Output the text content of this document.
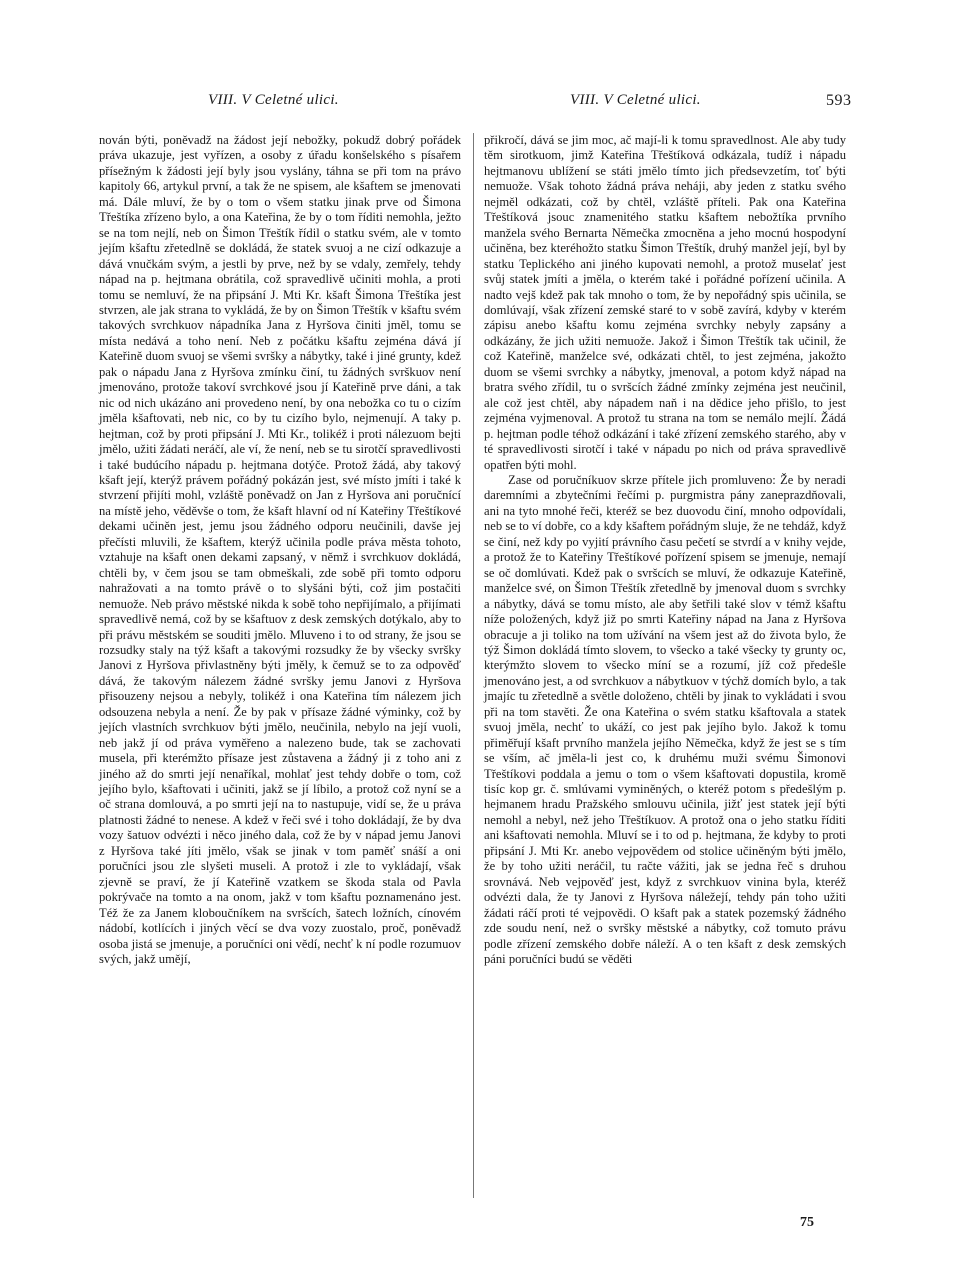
VIII. V Celetné ulici.	VIII. V Celetné ulici.	593

nován býti, poněvadž na žádost její nebožky, pokudž dobrý pořádek práva ukazuje, jest vyřízen, a osoby z úřadu konšelského s písařem přísežným k žádosti její byly jsou vyslány, táhna se při tom na právo kapitoly 66, artykul první, a tak že ne spisem, ale kšaftem se jmenovati má. Dále mluví, že by o tom o všem statku jinak prve od Šimona Třeštíka zřízeno bylo, a ona Kateřina, že by o tom říditi nemohla, ježto se na tom nejlí, neb on Šimon Třeštík řídil o statku svém, ale v tomto jejím kšaftu zřetedlně se dokládá, že statek svuoj a ne cizí odkazuje a dává vnučkám svým, a jestli by prve, než by se vdaly, zemřely, tehdy nápad na p. hejtmana obrátila, což spravedlivě učiniti mohla, a proti tomu se nemluví, že na připsání J. Mti Kr. kšaft Šimona Třeštíka jest stvrzen, ale jak strana to vykládá, že by on Šimon Třeštík v kšaftu svém takových svrchkuov nápadníka Jana z Hyršova činiti jměl, tomu se místa nedává a toho není. Neb z počátku kšaftu zejména dává jí Kateřině duom svuoj se všemi svršky a nábytky, také i jiné grunty, kdež pak o nápadu Jana z Hyršova zmínku činí, tu žádných svrškuov není jmenováno, protože takoví svrchkové jsou jí Kateřině prve dáni, a tak nic od nich ukázáno ani provedeno není, by ona nebožka co tu o cizím jměla kšaftovati, neb nic, co by tu cizího bylo, nejmenují. A taky p. hejtman, což by proti připsání J. Mti Kr., tolikéž i proti nálezuom bejti jmělo, užiti žádati neráčí, ale ví, že není, neb se tu sirotčí spravedlivosti i také budúcího nápadu p. hejtmana dotýče. Protož žádá, aby takový kšaft její, kterýž právem pořádný pokázán jest, své místo jmíti i také k stvrzení přijíti mohl, vzláště poněvadž on Jan z Hyršova ani poručnící na místě jeho, věděvše o tom, že kšaft hlavní od ní Kateřiny Třeštíkové dekami učiněn jest, jemu jsou žádného odporu neučinili, davše jej přečísti mluvili, že kšaftem, kterýž učinila podle práva města tohoto, vztahuje na kšaft onen dekami zapsaný, v němž i svrchkuov dokládá, chtěli by, v čem jsou se tam obmeškali, zde sobě při tomto odporu nahražovati a na tomto právě o to slyšáni býti, což jim postačiti nemuože. Neb právo městské nikda k sobě toho nepřijímalo, a přijímati spravedlivě nemá, což by se kšaftuov z desk zemských dotýkalo, aby to při právu městském se souditi jmělo. Mluveno i to od strany, že jsou se rozsudky staly na týž kšaft a takovými rozsudky že by všecky svršky Janovi z Hyršova přivlastněny býti jměly, k čemuž se to za odpověď dává, že takovým nálezem žádné svršky jemu Janovi z Hyršova přisouzeny nejsou a nebyly, tolikéž i ona Kateřina tím nálezem jich odsouzena nebyla a není. Že by pak v přísaze žádné výminky, což by jejích vlastních svrchkuov býti jmělo, neučinila, nebylo na její vuoli, neb jakž jí od práva vyměřeno a nalezeno bude, tak se zachovati musela, při kterémžto přísaze jest zůstavena a žádný ji z toho ani z jiného až do smrti její nenaříkal, mohlať jest tehdy dobře o tom, což jejího bylo, kšaftovati i učiniti, jakž se jí líbilo, a protož což nyní se a oč strana domlouvá, a po smrti její na to nastupuje, vidí se, že u práva platnosti žádné to nenese. A kdež v řeči své i toho dokládají, že by dva vozy šatuov odvézti i něco jiného dala, což že by v nápad jemu Janovi z Hyršova také jíti jmělo, však se jinak v tom paměť snáší a oni poručníci jsou zle slyšeti museli. A protož i zle to vykládají, však zjevně se praví, že jí Kateřině vzatkem se škoda stala od Pavla pokrývače na tomto a na onom, jakž v tom kšaftu poznamenáno jest. Též že za Janem kloboučníkem na svršcích, šatech ložních, cínovém nádobí, kotlících i jiných věcí se dva vozy zuostalo, proč, poněvadž osoba jistá se jmenuje, a poručníci oni vědí, nechť k ní podle rozumuov svých, jakž umějí,

přikročí, dává se jim moc, ač mají-li k tomu spravedlnost. Ale aby tudy těm sirotkuom, jimž Kateřina Třeštíková odkázala, tudíž i nápadu hejtmanovu ublížení se státi jmělo tímto jich předsevzetím, toť býti nemuože. Však tohoto žádná práva neháji, aby jeden z statku svého nejměl odkázati, což by chtěl, vzláště příteli. Pak ona Kateřina Třeštíková jsouc znamenitého statku kšaftem nebožtíka prvního manžela svého Bernarta Němečka zmocněna a jeho mocnú hospodyní učiněna, bez kteréhožto statku Šimon Třeštík, druhý manžel její, byl by statku Teplického ani jiného kupovati nemohl, a protož muselať jest svůj statek jmíti a jměla, o kterém také i pořádné pořízení učinila. A nadto vejš kdež pak tak mnoho o tom, že by nepořádný spis učinila, se domlúvají, však zřízení zemské staré to v sobě zavírá, kdyby v kterém zápisu anebo kšaftu komu zejména svrchky nebyly zapsány a odkázány, že jich užiti nemuože. Jakož i Šimon Třeštík tak učinil, že což Kateřině, manželce své, odkázati chtěl, to jest zejména, jakožto duom se všemi svrchky a nábytky, jmenoval, a potom když nápad na bratra svého zřídil, tu o svršcích žádné zmínky zejména jest neučinil, ale což jest chtěl, aby nápadem naň i na dědice jeho přišlo, to jest zejména vyjmenoval. A protož tu strana na tom se nemálo mejlí. Žádá p. hejtman podle téhož odkázání i také zřízení zemského starého, aby v té spravedlivosti sirotčí i také v nápadu po nich od práva spravedlivě opatřen býti mohl.

Zase od poručníkuov skrze přítele jich promluveno: Že by neradi daremními a zbytečními řečími p. purgmistra pány zaneprazdňovali, ani na tyto mnohé řeči, kteréž se bez duovodu činí, mnoho odpovídali, neb se to ví dobře, co a kdy kšaftem pořádným sluje, že ne tehdáž, když se činí, než kdy po vyjití právního času pečetí se stvrdí a v knihy vejde, a protož že to Kateřiny Třeštíkové pořízení spisem se jmenuje, nemají se oč domlúvati. Kdež pak o svršcích se mluví, že odkazuje Kateřině, manželce své, on Šimon Třeštík zřetedlně by jmenoval duom s svrchky a nábytky, dává se tomu místo, ale aby šetřili také slov v témž kšaftu níže položených, když již po smrti Kateřiny nápad na Jana z Hyršova obracuje a ji toliko na tom užívání na všem jest až do života bylo, že týž Šimon dokládá tímto slovem, to všecko a také všecky ty grunty oc, kterýmžto slovem to všecko míní se a rozumí, jíž což předešle jmenováno jest, a od svrchkuov a nábytkuov v týchž domích bylo, a tak jmajíc tu zřetedlně a světle doloženo, chtěli by jinak to vykládati i svou při na tom stavěti. Že ona Kateřina o svém statku kšaftovala a statek svuoj jměla, nechť to ukáží, co jest pak jejího bylo. Jakož k tomu přiměřují kšaft prvního manžela jejího Němečka, když že jest se s tím se vším, ač jměla-li jest co, k druhému muži svému Šimonovi Třeštíkovi poddala a jemu o tom o všem kšaftovati dopustila, kromě tisíc kop gr. č. smlúvami vyminěných, o kteréž potom s předešlým p. hejmanem hradu Pražského smlouvu učinila, jižť jest statek její býti nemohl a nebyl, než jeho Třeštíkuov. A protož ona o jeho statku říditi ani kšaftovati nemohla. Mluví se i to od p. hejtmana, že kdyby to proti připsání J. Mti Kr. anebo vejpovědem od stolice učiněným býti jmělo, že by toho užiti neráčil, tu račte vážiti, jak se jedna řeč s druhou srovnává. Neb vejpověď jest, když z svrchkuov vinina byla, kteréž odvézti dala, že ty Janovi z Hyršova náležejí, tehdy pán toho užiti žádati ráčí proti té vejpovědi. O kšaft pak a statek pozemský žádného zde soudu není, než o svršky městské a nábytky, což tomuto právu podle zřízení zemského dobře náleží. A o ten kšaft z desk zemských páni poručníci budú se věděti

75
